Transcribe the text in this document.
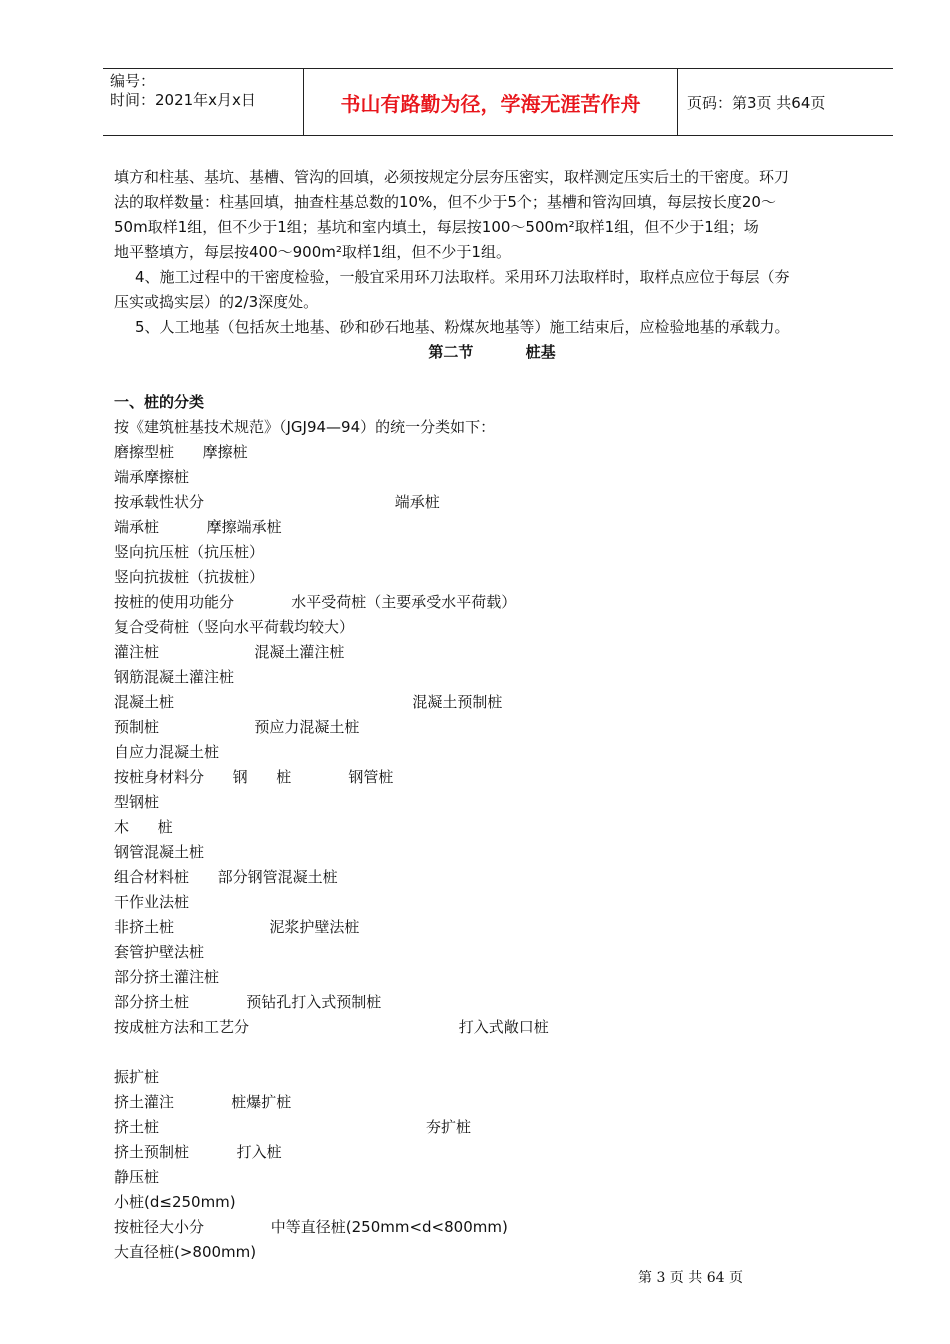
编号：
时间：2021年x月x日	书山有路勤为径，学海无涯苦作舟	页码：第3页 共64页
填方和柱基、基坑、基槽、管沟的回填，必须按规定分层夯压密实，取样测定压实后土的干密度。环刀
法的取样数量：柱基回填，抽查柱基总数的10%，但不少于5个；基槽和管沟回填，每层按长度20～
50m取样1组，但不少于1组；基坑和室内填土，每层按100～500m²取样1组，但不少于1组；场
地平整填方，每层按400～900m²取样1组，但不少于1组。
4、施工过程中的干密度检验，一般宜采用环刀法取样。采用环刀法取样时，取样点应位于每层（夯
压实或捣实层）的2/3深度处。
5、人工地基（包括灰土地基、砂和砂石地基、粉煤灰地基等）施工结束后，应检验地基的承载力。
第二节          桩基
一、桩的分类
按《建筑桩基技术规范》（JGJ94—94）的统一分类如下：
磨擦型桩      摩擦桩
端承摩擦桩
按承载性状分                                        端承桩
端承桩          摩擦端承桩
竖向抗压桩（抗压桩）
竖向抗拔桩（抗拔桩）
按桩的使用功能分            水平受荷桩（主要承受水平荷载）
复合受荷桩（竖向水平荷载均较大）
灌注桩                    混凝土灌注桩
钢筋混凝土灌注桩
混凝土桩                                                  混凝土预制桩
预制桩                    预应力混凝土桩
自应力混凝土桩
按桩身材料分      钢      桩            钢管桩
型钢桩
木      桩
钢管混凝土桩
组合材料桩      部分钢管混凝土桩
干作业法桩
非挤土桩                    泥浆护壁法桩
套管护壁法桩
部分挤土灌注桩
部分挤土桩            预钻孔打入式预制桩
按成桩方法和工艺分                                            打入式敞口桩
振扩桩
挤土灌注            桩爆扩桩
挤土桩                                                        夯扩桩
挤土预制桩          打入桩
静压桩
小桩(d≤250mm)
按桩径大小分              中等直径桩(250mm<d<800mm)
大直径桩(>800mm)
第 3 页 共 64 页
